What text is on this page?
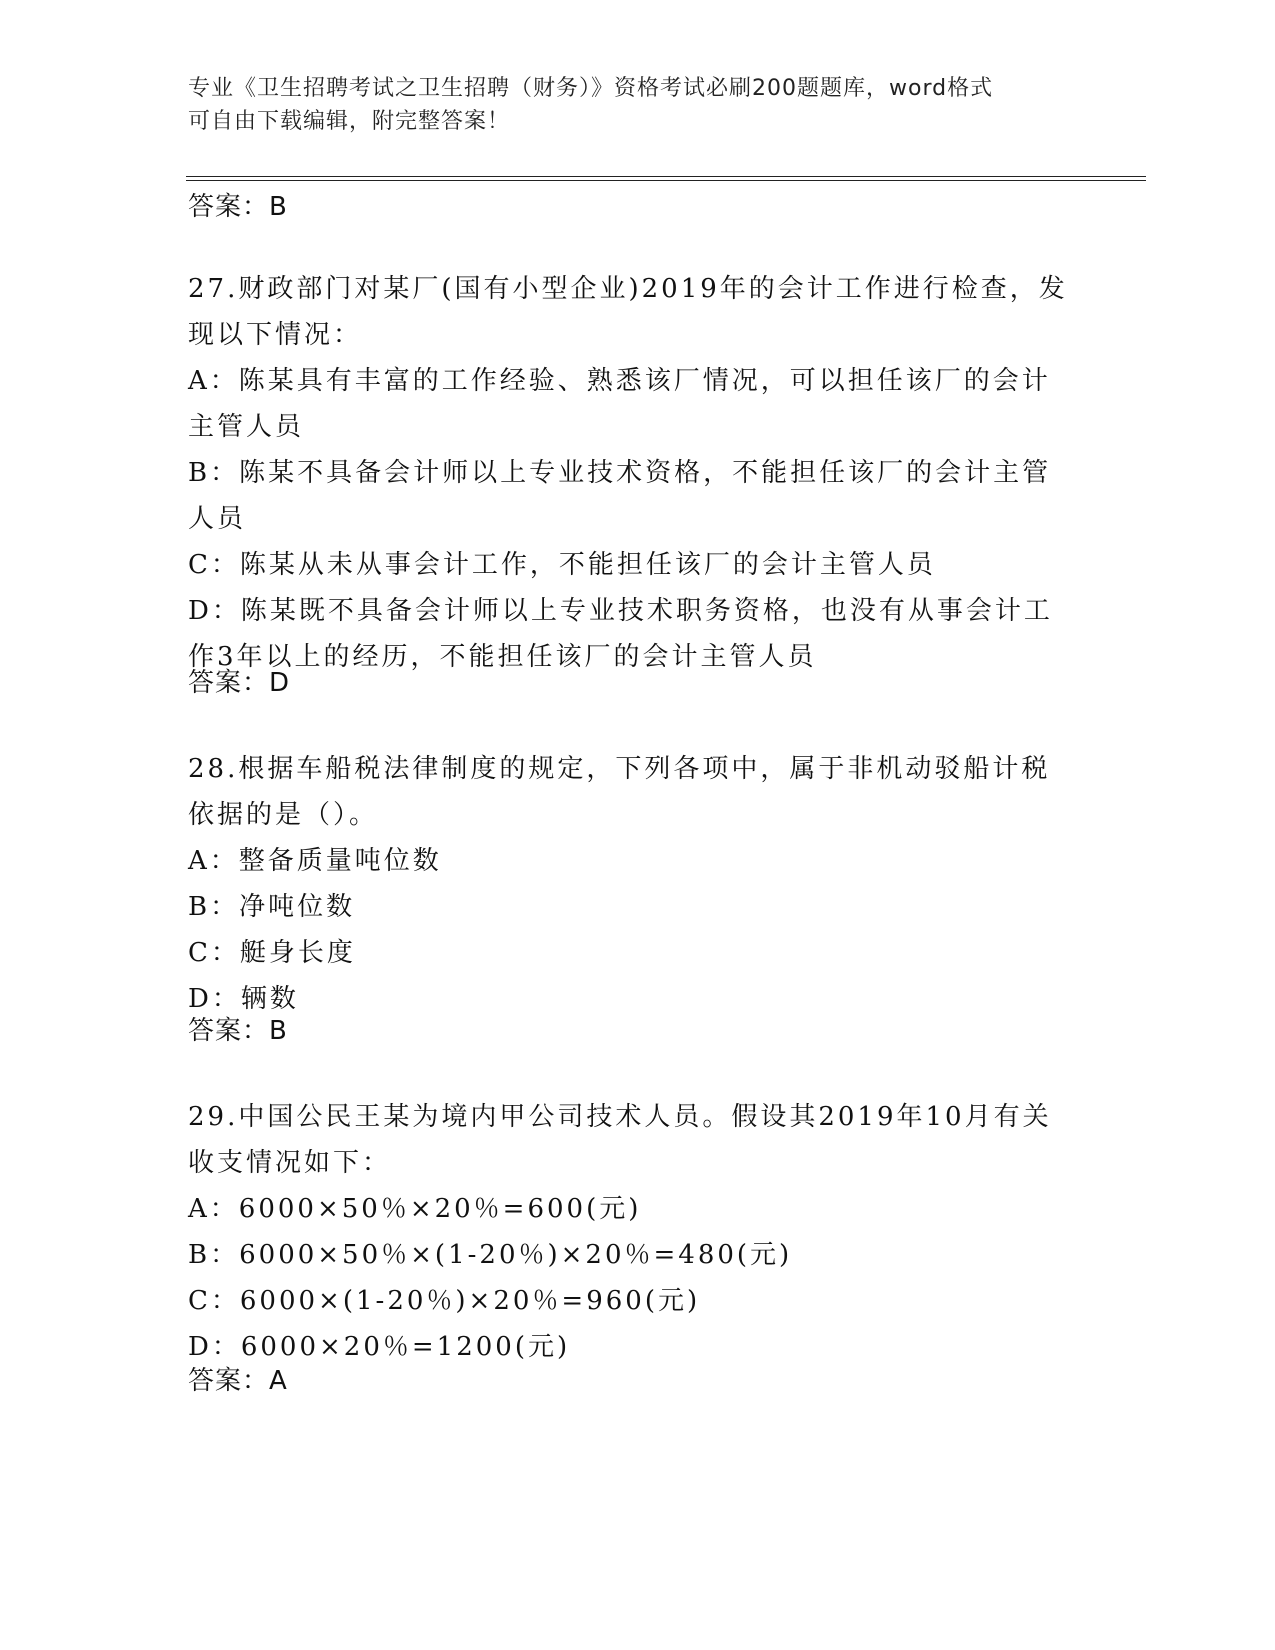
专业《卫生招聘考试之卫生招聘（财务）》资格考试必刷200题题库，word格式
可自由下载编辑，附完整答案！
答案：B

27.财政部门对某厂(国有小型企业)2019年的会计工作进行检查，发现以下情况：

A：陈某具有丰富的工作经验、熟悉该厂情况，可以担任该厂的会计主管人员

B：陈某不具备会计师以上专业技术资格，不能担任该厂的会计主管人员

C：陈某从未从事会计工作，不能担任该厂的会计主管人员

D：陈某既不具备会计师以上专业技术职务资格，也没有从事会计工作3年以上的经历，不能担任该厂的会计主管人员

答案：D

28.根据车船税法律制度的规定，下列各项中，属于非机动驳船计税依据的是（）。

A：整备质量吨位数

B：净吨位数

C：艇身长度

D：辆数

答案：B

29.中国公民王某为境内甲公司技术人员。假设其2019年10月有关收支情况如下：

A：6000×50％×20％=600(元)

B：6000×50％×(1-20％)×20％=480(元)

C：6000×(1-20％)×20％=960(元)

D：6000×20％=1200(元)

答案：A
